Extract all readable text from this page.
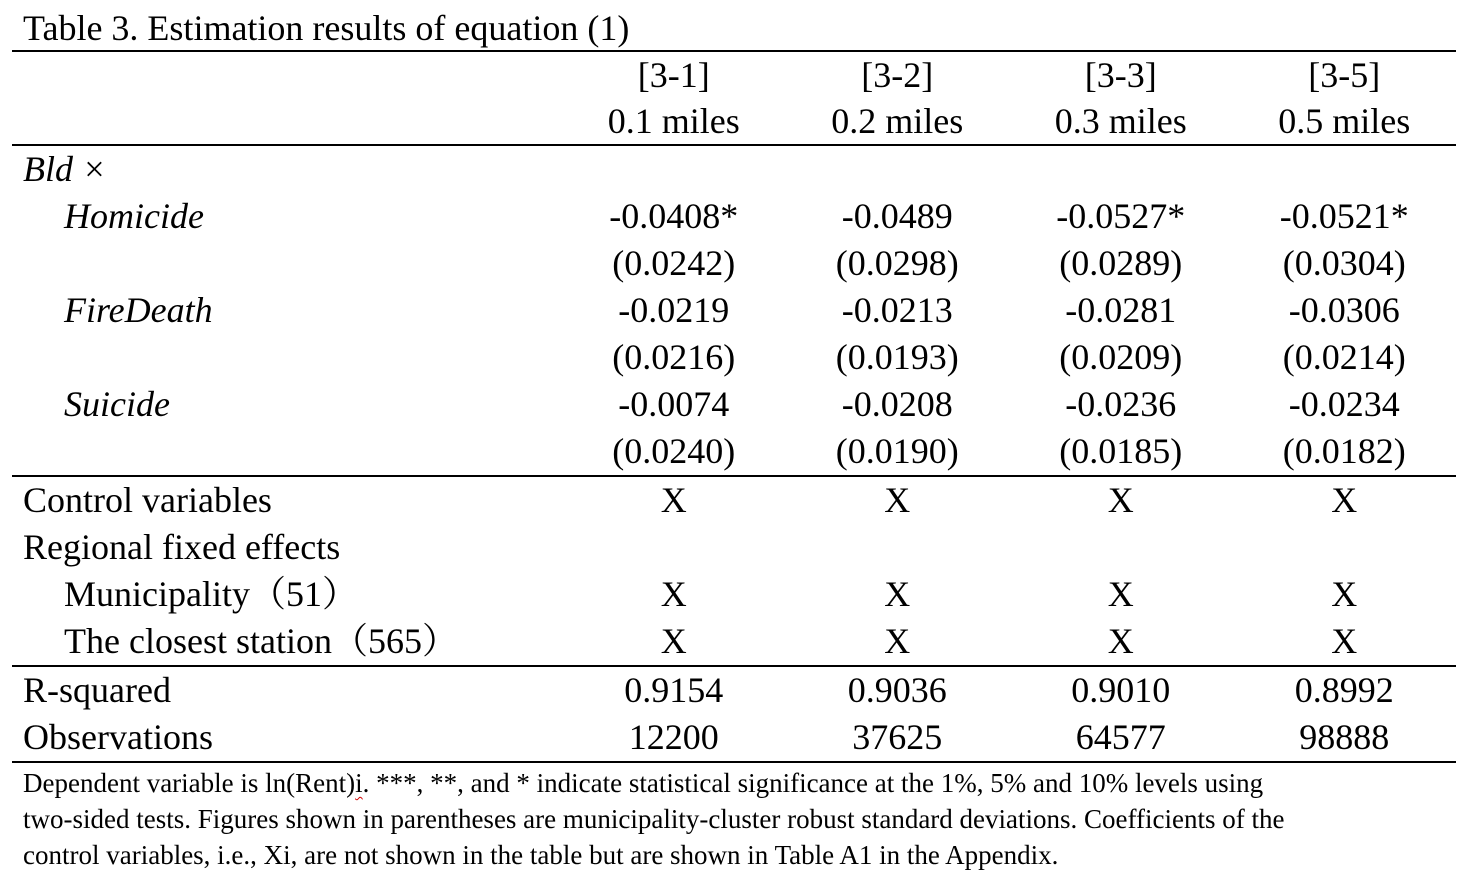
Table 3. Estimation results of equation (1)
	[3-1]	[3-2]	[3-3]	[3-5]
	0.1 miles	0.2 miles	0.3 miles	0.5 miles
Bld ×				
Homicide	-0.0408*	-0.0489	-0.0527*	-0.0521*
	(0.0242)	(0.0298)	(0.0289)	(0.0304)
FireDeath	-0.0219	-0.0213	-0.0281	-0.0306
	(0.0216)	(0.0193)	(0.0209)	(0.0214)
Suicide	-0.0074	-0.0208	-0.0236	-0.0234
	(0.0240)	(0.0190)	(0.0185)	(0.0182)
Control variables	X	X	X	X
Regional fixed effects				
Municipality（51）	X	X	X	X
The closest station（565）	X	X	X	X
R-squared	0.9154	0.9036	0.9010	0.8992
Observations	12200	37625	64577	98888
Dependent variable is ln(Rent)i. ***, **, and * indicate statistical significance at the 1%, 5% and 10% levels using
two-sided tests. Figures shown in parentheses are municipality-cluster robust standard deviations. Coefficients of the
control variables, i.e., Xi, are not shown in the table but are shown in Table A1 in the Appendix.
